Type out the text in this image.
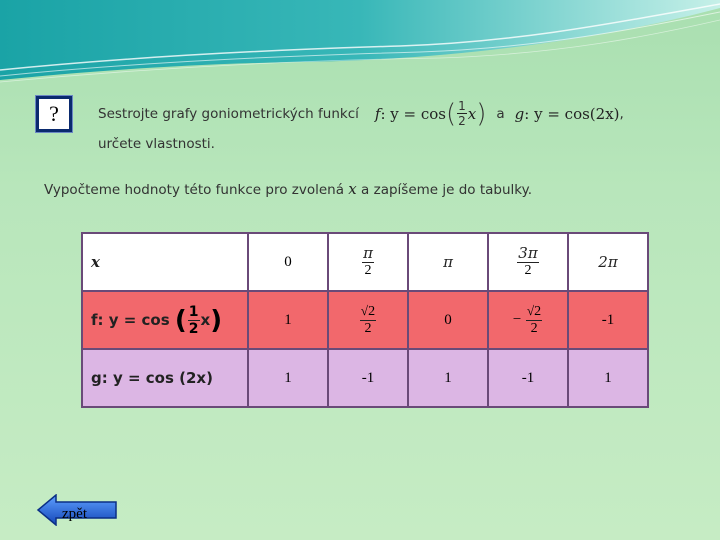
?	Sestrojte grafy goniometrických funkcí f : y = cos ( $\frac{1}{2}$ x ) a g : y = cos(2x) ,
určete vlastnosti.
Vypočteme hodnoty této funkce pro zvolená x a zapíšeme je do tabulky.
x	0	$\frac{\pi}{2}$	π	$\frac{3\pi}{2}$	2π
f: y = cos ( $\frac{1}{2} x$)	1	$\frac{√2}{2}$	0	− $\frac{√2}{2}$	-1
g: y = cos (2x)	1	-1	1	-1	1
zpět
